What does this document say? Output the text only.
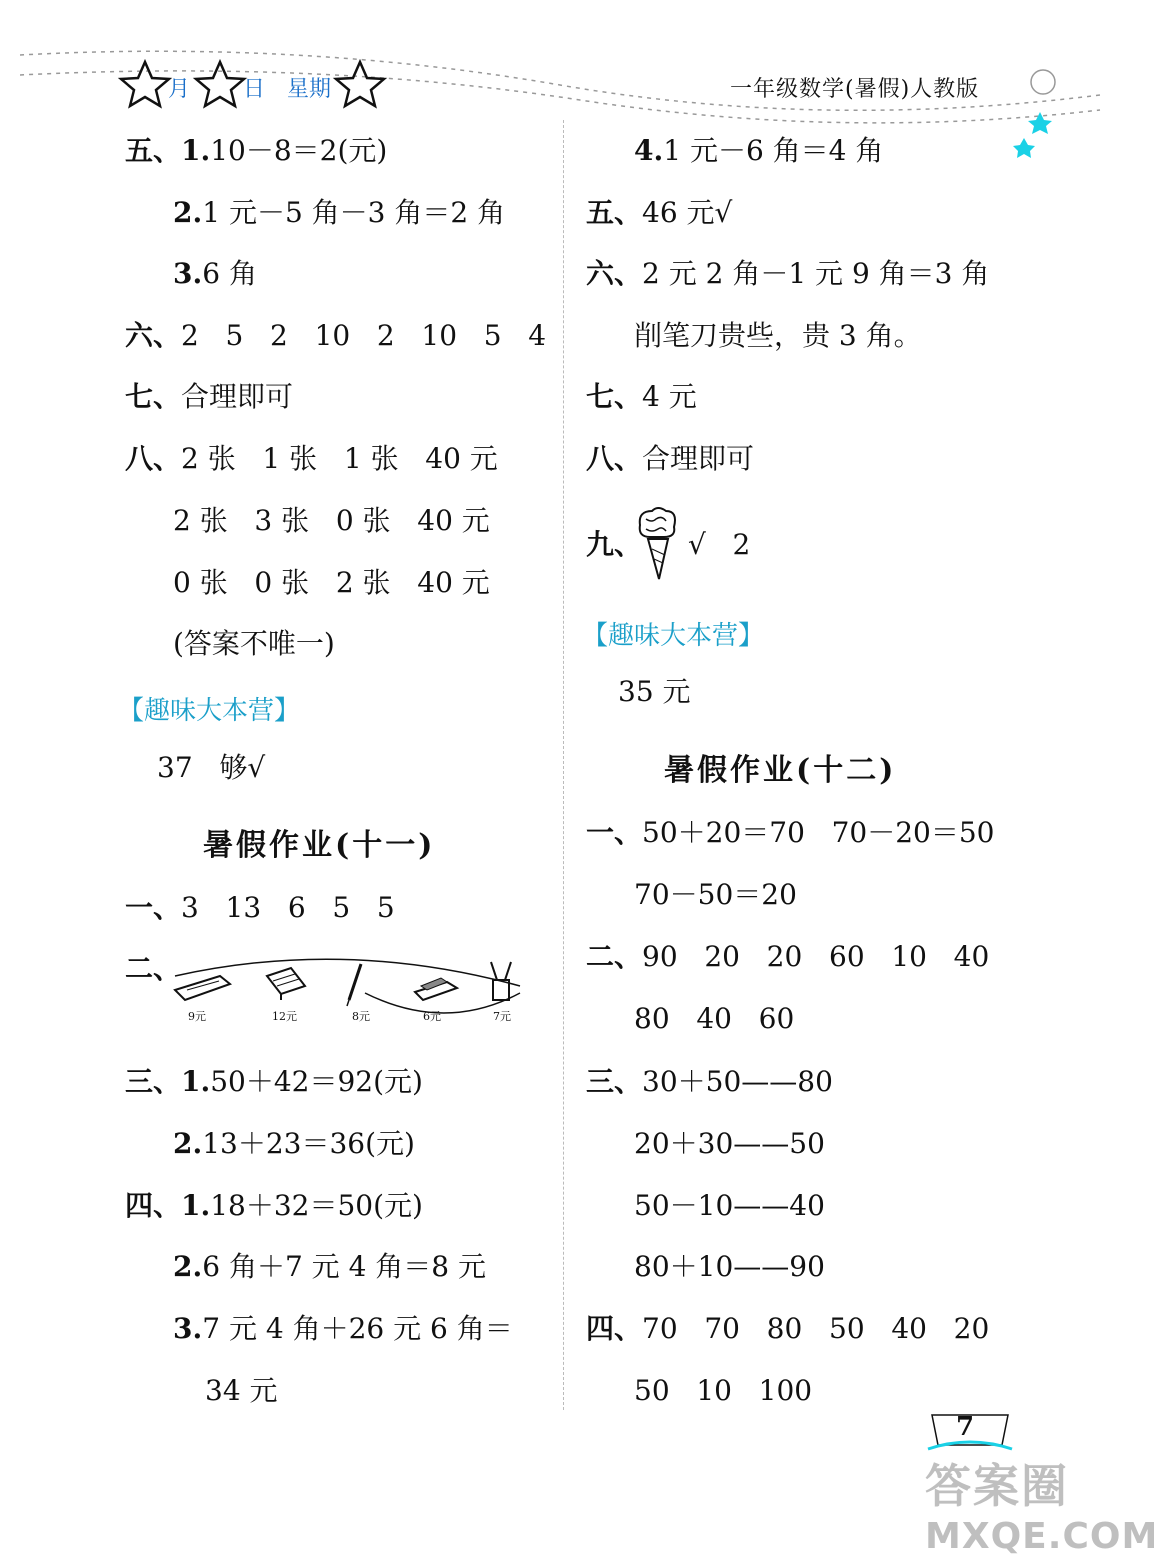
月 日 星期	一年级数学(暑假)人教版
五、1.10－8＝2(元)
2.1 元－5 角－3 角＝2 角
3.6 角
六、2   5   2   10   2   10   5   4
七、合理即可
八、2 张   1 张   1 张   40 元
2 张   3 张   0 张   40 元
0 张   0 张   2 张   40 元
(答案不唯一)
【趣味大本营】
37   够√
暑假作业(十一)
一、3   13   6   5   5
二、
9元	12元	8元	6元	7元
三、1.50＋42＝92(元)
2.13＋23＝36(元)
四、1.18＋32＝50(元)
2.6 角＋7 元 4 角＝8 元
3.7 元 4 角＋26 元 6 角＝
34 元
4.1 元－6 角＝4 角
五、46 元√
六、2 元 2 角－1 元 9 角＝3 角
削笔刀贵些，贵 3 角。
七、4 元
八、合理即可
九、 √   2
【趣味大本营】
35 元
暑假作业(十二)
一、50＋20＝70   70－20＝50
70－50＝20
二、90   20   20   60   10   40
80   40   60
三、30＋50——80
20＋30——50
50－10——40
80＋10——90
四、70   70   80   50   40   20
50   10   100
7
答案圈
MXQE.COM
